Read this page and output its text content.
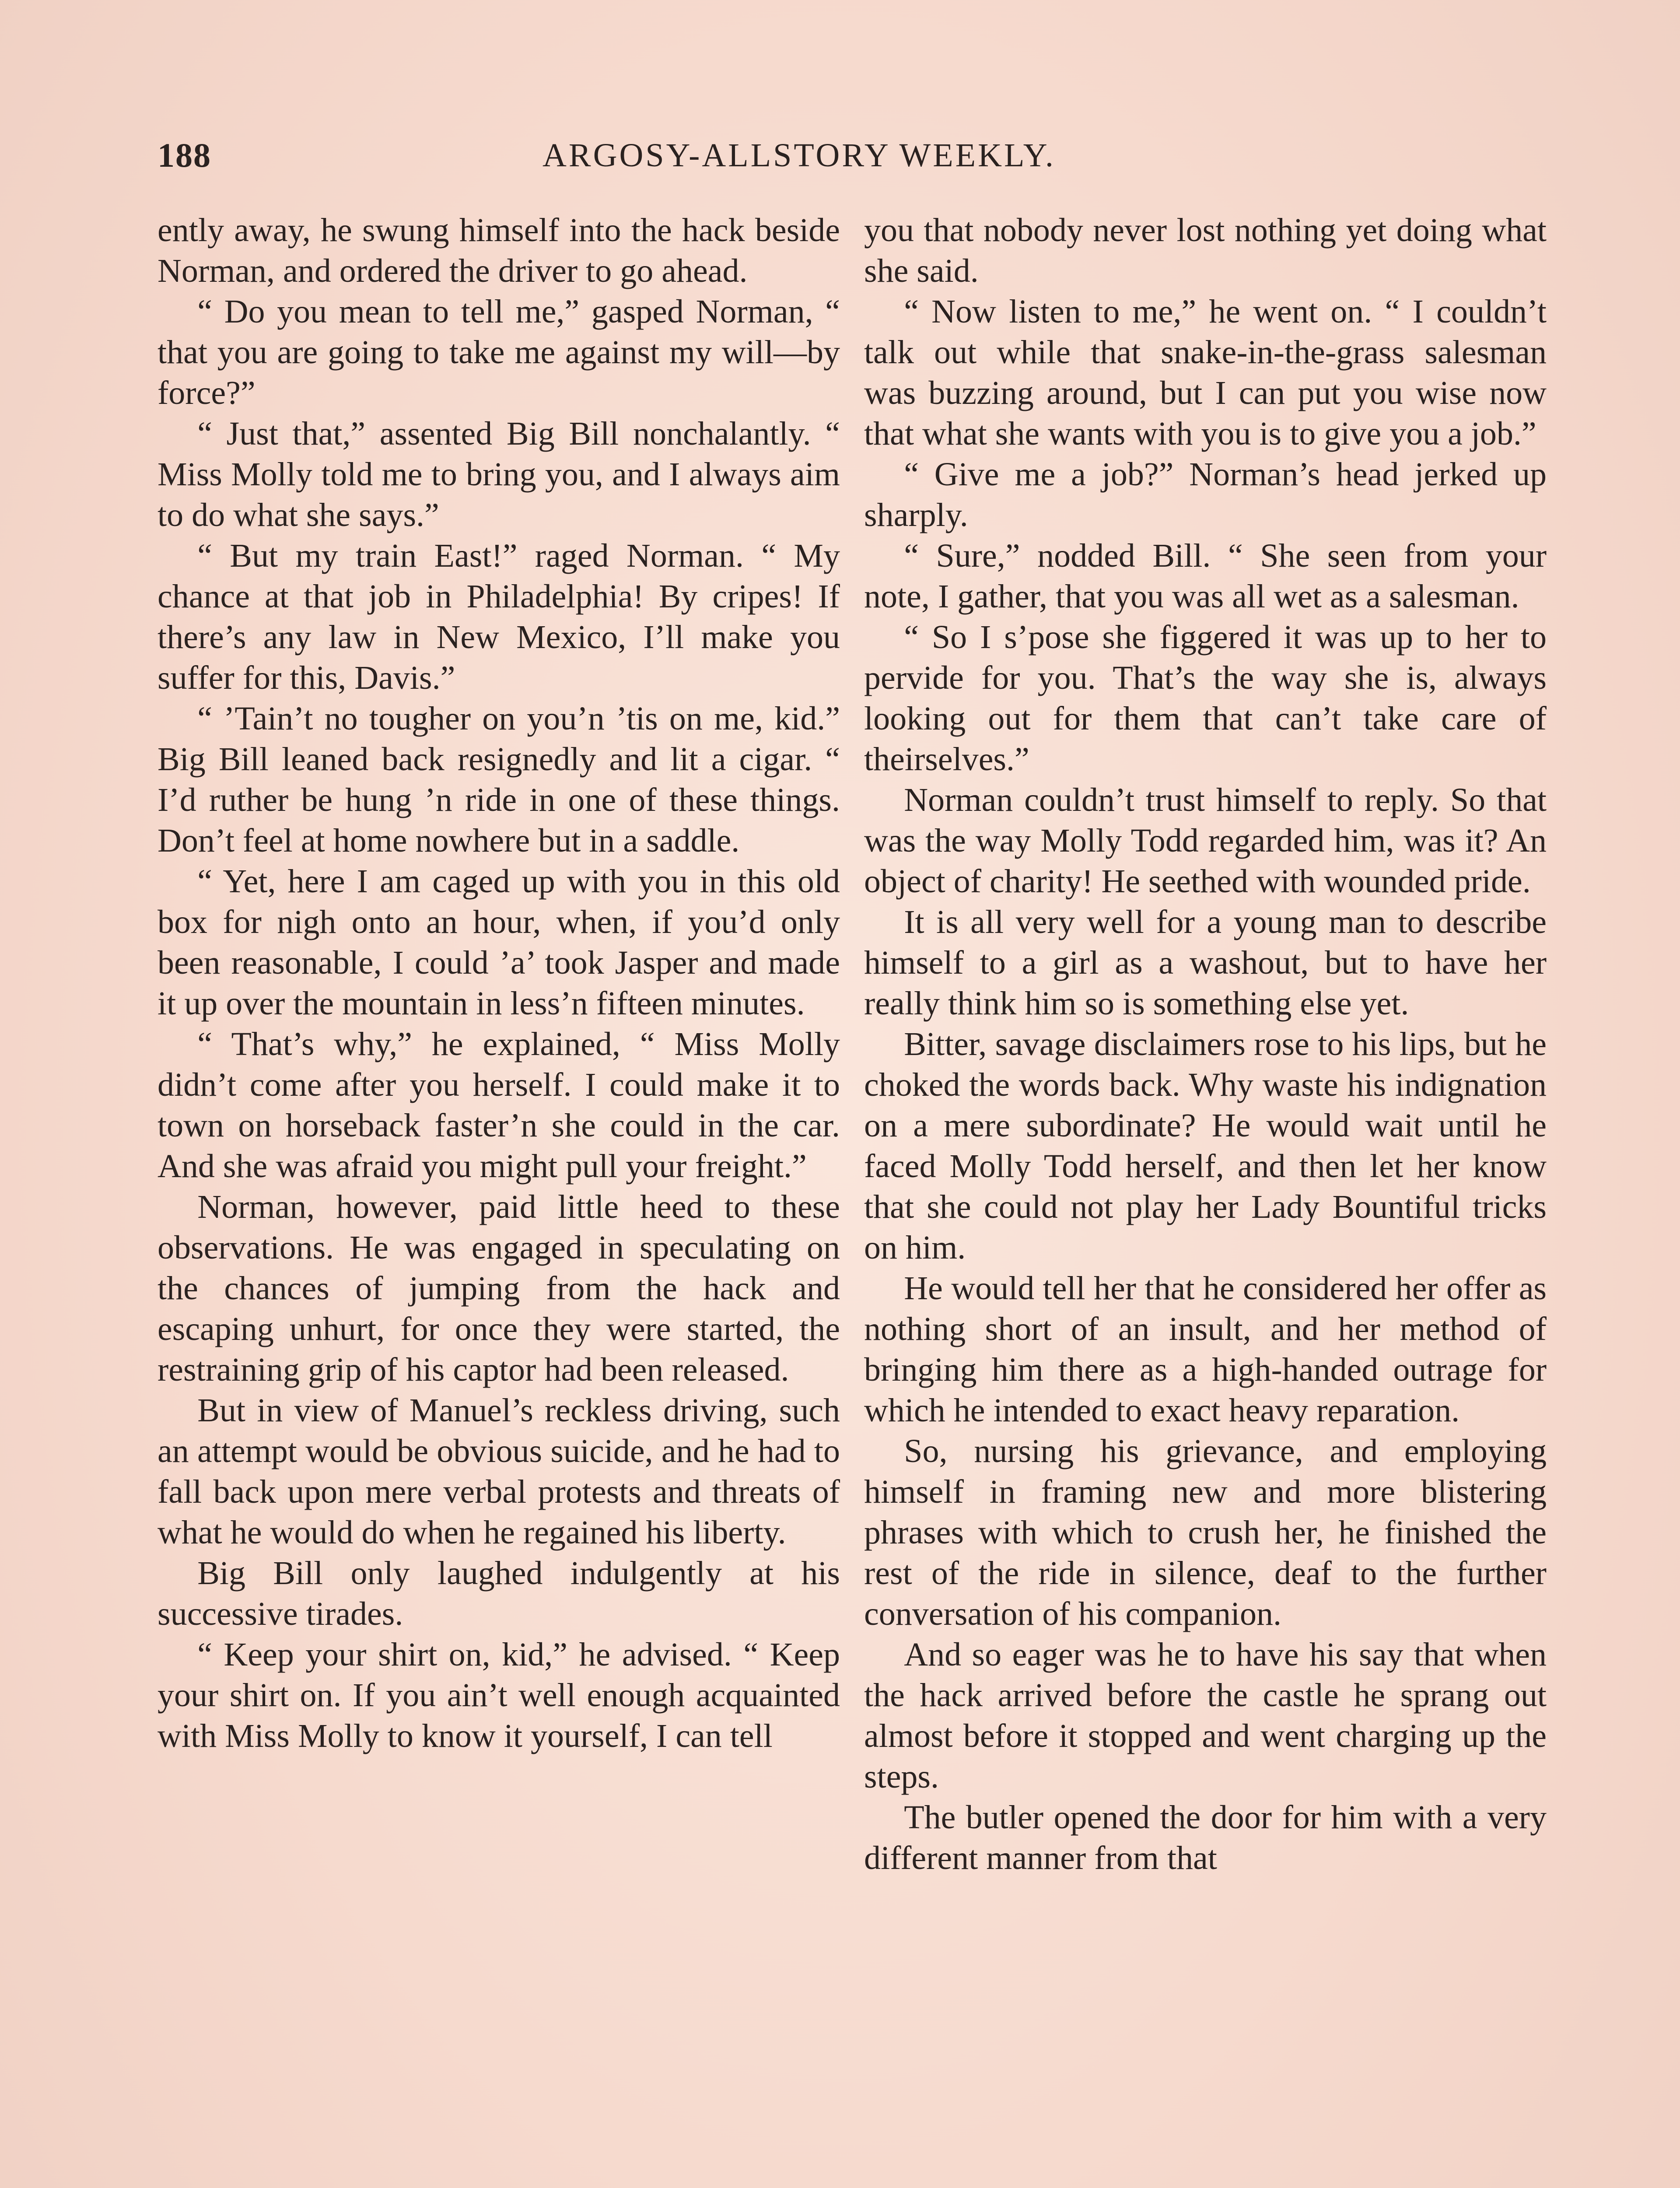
188	ARGOSY-ALLSTORY WEEKLY.

ently away, he swung himself into the hack beside Norman, and ordered the driver to go ahead.

“ Do you mean to tell me,” gasped Norman, “ that you are going to take me against my will—by force?”

“ Just that,” assented Big Bill nonchalantly. “ Miss Molly told me to bring you, and I always aim to do what she says.”

“ But my train East!” raged Norman. “ My chance at that job in Philadelphia! By cripes! If there’s any law in New Mexico, I’ll make you suffer for this, Davis.”

“ ’Tain’t no tougher on you’n ’tis on me, kid.” Big Bill leaned back resignedly and lit a cigar. “ I’d ruther be hung ’n ride in one of these things. Don’t feel at home nowhere but in a saddle.

“ Yet, here I am caged up with you in this old box for nigh onto an hour, when, if you’d only been reasonable, I could ’a’ took Jasper and made it up over the mountain in less’n fifteen minutes.

“ That’s why,” he explained, “ Miss Molly didn’t come after you herself. I could make it to town on horseback faster’n she could in the car. And she was afraid you might pull your freight.”

Norman, however, paid little heed to these observations. He was engaged in speculating on the chances of jumping from the hack and escaping unhurt, for once they were started, the restraining grip of his captor had been released.

But in view of Manuel’s reckless driving, such an attempt would be obvious suicide, and he had to fall back upon mere verbal protests and threats of what he would do when he regained his liberty.

Big Bill only laughed indulgently at his successive tirades.

“ Keep your shirt on, kid,” he advised. “ Keep your shirt on. If you ain’t well enough acquainted with Miss Molly to know it yourself, I can tell

you that nobody never lost nothing yet doing what she said.

“ Now listen to me,” he went on. “ I couldn’t talk out while that snake-in-the-grass salesman was buzzing around, but I can put you wise now that what she wants with you is to give you a job.”

“ Give me a job?” Norman’s head jerked up sharply.

“ Sure,” nodded Bill. “ She seen from your note, I gather, that you was all wet as a salesman.

“ So I s’pose she figgered it was up to her to pervide for you. That’s the way she is, always looking out for them that can’t take care of theirselves.”

Norman couldn’t trust himself to reply. So that was the way Molly Todd regarded him, was it? An object of charity! He seethed with wounded pride.

It is all very well for a young man to describe himself to a girl as a washout, but to have her really think him so is something else yet.

Bitter, savage disclaimers rose to his lips, but he choked the words back. Why waste his indignation on a mere subordinate? He would wait until he faced Molly Todd herself, and then let her know that she could not play her Lady Bountiful tricks on him.

He would tell her that he considered her offer as nothing short of an insult, and her method of bringing him there as a high-handed outrage for which he intended to exact heavy reparation.

So, nursing his grievance, and employing himself in framing new and more blistering phrases with which to crush her, he finished the rest of the ride in silence, deaf to the further conversation of his companion.

And so eager was he to have his say that when the hack arrived before the castle he sprang out almost before it stopped and went charging up the steps.

The butler opened the door for him with a very different manner from that
